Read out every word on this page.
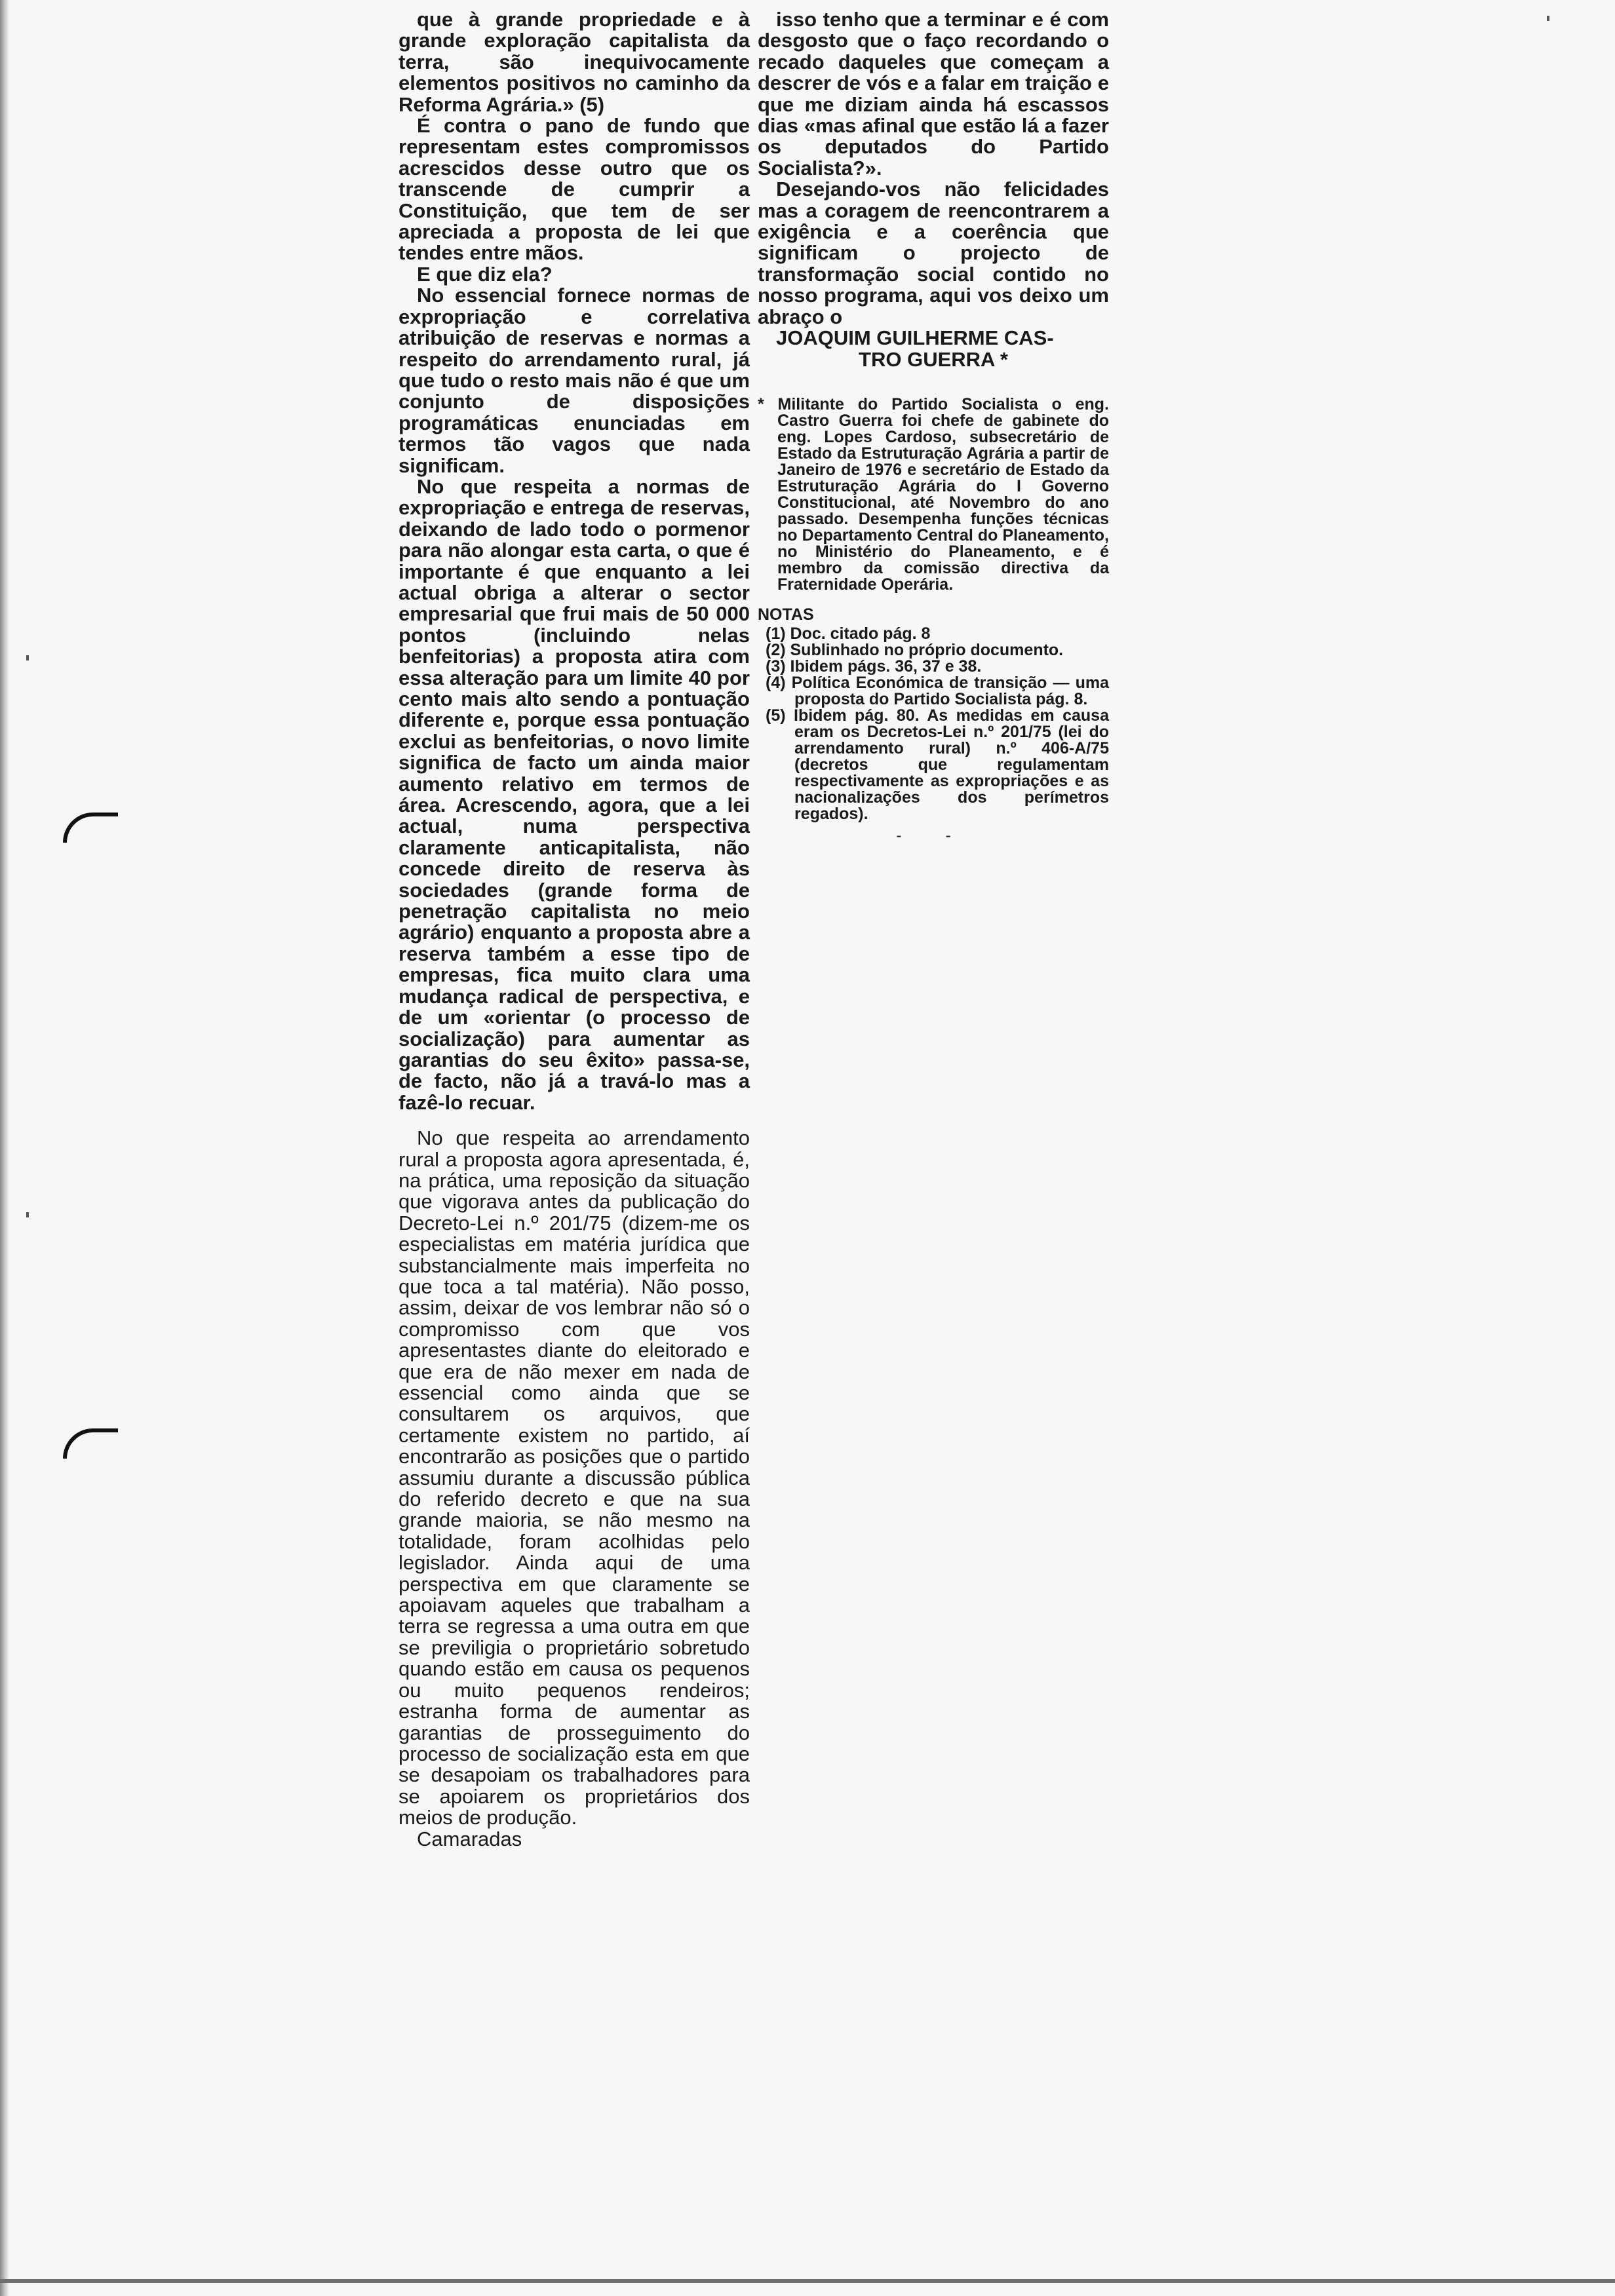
que à grande propriedade e à grande exploração capitalista da terra, são inequivocamente elementos positivos no caminho da Reforma Agrária.» (5)

É contra o pano de fundo que representam estes compromissos acrescidos desse outro que os transcende de cumprir a Constituição, que tem de ser apreciada a proposta de lei que tendes entre mãos.

E que diz ela?

No essencial fornece normas de expropriação e correlativa atribuição de reservas e normas a respeito do arrendamento rural, já que tudo o resto mais não é que um conjunto de disposições programáticas enunciadas em termos tão vagos que nada significam.

No que respeita a normas de expropriação e entrega de reservas, deixando de lado todo o pormenor para não alongar esta carta, o que é importante é que enquanto a lei actual obriga a alterar o sector empresarial que frui mais de 50 000 pontos (incluindo nelas benfeitorias) a proposta atira com essa alteração para um limite 40 por cento mais alto sendo a pontuação diferente e, porque essa pontuação exclui as benfeitorias, o novo limite significa de facto um ainda maior aumento relativo em termos de área. Acrescendo, agora, que a lei actual, numa perspectiva claramente anticapitalista, não concede direito de reserva às sociedades (grande forma de penetração capitalista no meio agrário) enquanto a proposta abre a reserva também a esse tipo de empresas, fica muito clara uma mudança radical de perspectiva, e de um «orientar (o processo de socialização) para aumentar as garantias do seu êxito» passa-se, de facto, não já a travá-lo mas a fazê-lo recuar.

No que respeita ao arrendamento rural a proposta agora apresentada, é, na prática, uma reposição da situação que vigorava antes da publicação do Decreto-Lei n.º 201/75 (dizem-me os especialistas em matéria jurídica que substancialmente mais imperfeita no que toca a tal matéria). Não posso, assim, deixar de vos lembrar não só o compromisso com que vos apresentastes diante do eleitorado e que era de não mexer em nada de essencial como ainda que se consultarem os arquivos, que certamente existem no partido, aí encontrarão as posições que o partido assumiu durante a discussão pública do referido decreto e que na sua grande maioria, se não mesmo na totalidade, foram acolhidas pelo legislador. Ainda aqui de uma perspectiva em que claramente se apoiavam aqueles que trabalham a terra se regressa a uma outra em que se previligia o proprietário sobretudo quando estão em causa os pequenos ou muito pequenos rendeiros; estranha forma de aumentar as garantias de prosseguimento do processo de socialização esta em que se desapoiam os trabalhadores para se apoiarem os proprietários dos meios de produção.

Camaradas

isso tenho que a terminar e é com desgosto que o faço recordando o recado daqueles que começam a descrer de vós e a falar em traição e que me diziam ainda há escassos dias «mas afinal que estão lá a fazer os deputados do Partido Socialista?».

Desejando-vos não felicidades mas a coragem de reencontrarem a exigência e a coerência que significam o projecto de transformação social contido no nosso programa, aqui vos deixo um abraço o

JOAQUIM GUILHERME CAS-
TRO GUERRA *
* Militante do Partido Socialista o eng. Castro Guerra foi chefe de gabinete do eng. Lopes Cardoso, subsecretário de Estado da Estruturação Agrária a partir de Janeiro de 1976 e secretário de Estado da Estruturação Agrária do I Governo Constitucional, até Novembro do ano passado. Desempenha funções técnicas no Departamento Central do Planeamento, no Ministério do Planeamento, e é membro da comissão directiva da Fraternidade Operária.
NOTAS
(1) Doc. citado pág. 8
(2) Sublinhado no próprio documento.
(3) Ibidem págs. 36, 37 e 38.
(4) Política Económica de transição — uma proposta do Partido Socialista pág. 8.
(5) Ibidem pág. 80. As medidas em causa eram os Decretos-Lei n.º 201/75 (lei do arrendamento rural) n.º 406-A/75 (decretos que regulamentam respectivamente as expropriações e as nacionalizações dos perímetros regados).
- -
